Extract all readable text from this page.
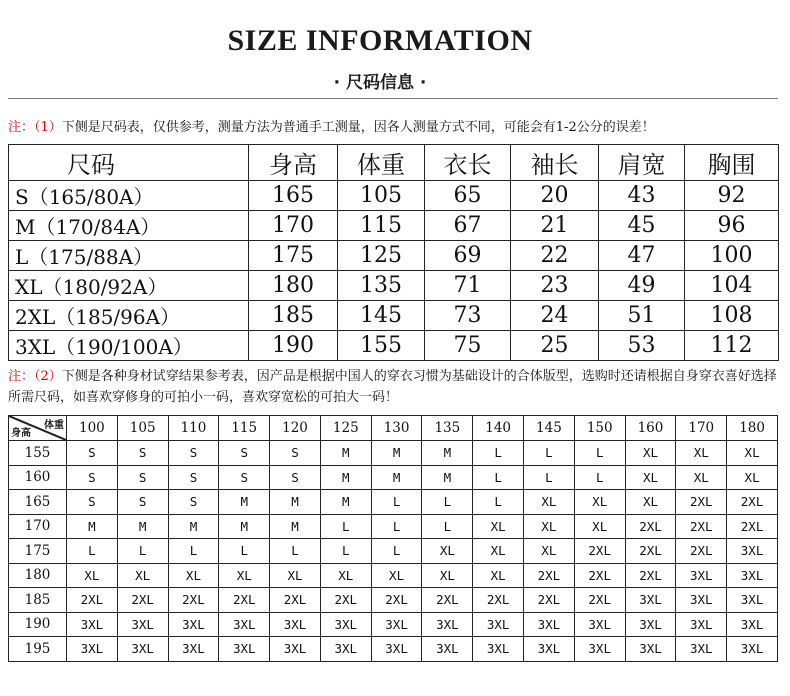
SIZE INFORMATION
· 尺码信息 ·
注：（1）下侧是尺码表，仅供参考，测量方法为普通手工测量，因各人测量方式不同，可能会有1-2公分的误差！
尺码	身高	体重	衣长	袖长	肩宽	胸围
S（165/80A）	165	105	65	20	43	92
M（170/84A）	170	115	67	21	45	96
L（175/88A）	175	125	69	22	47	100
XL（180/92A）	180	135	71	23	49	104
2XL（185/96A）	185	145	73	24	51	108
3XL（190/100A）	190	155	75	25	53	112
注：（2）下侧是各种身材试穿结果参考表，因产品是根据中国人的穿衣习惯为基础设计的合体版型，选购时还请根据自身穿衣喜好选择所需尺码，如喜欢穿修身的可拍小一码，喜欢穿宽松的可拍大一码！
体重
身高	100	105	110	115	120	125	130	135	140	145	150	160	170	180
155	S	S	S	S	S	M	M	M	L	L	L	XL	XL	XL
160	S	S	S	S	S	M	M	M	L	L	L	XL	XL	XL
165	S	S	S	M	M	M	L	L	L	XL	XL	XL	2XL	2XL
170	M	M	M	M	M	L	L	L	XL	XL	XL	2XL	2XL	2XL
175	L	L	L	L	L	L	L	XL	XL	XL	2XL	2XL	2XL	3XL
180	XL	XL	XL	XL	XL	XL	XL	XL	XL	2XL	2XL	2XL	3XL	3XL
185	2XL	2XL	2XL	2XL	2XL	2XL	2XL	2XL	2XL	2XL	2XL	3XL	3XL	3XL
190	3XL	3XL	3XL	3XL	3XL	3XL	3XL	3XL	3XL	3XL	3XL	3XL	3XL	3XL
195	3XL	3XL	3XL	3XL	3XL	3XL	3XL	3XL	3XL	3XL	3XL	3XL	3XL	3XL
